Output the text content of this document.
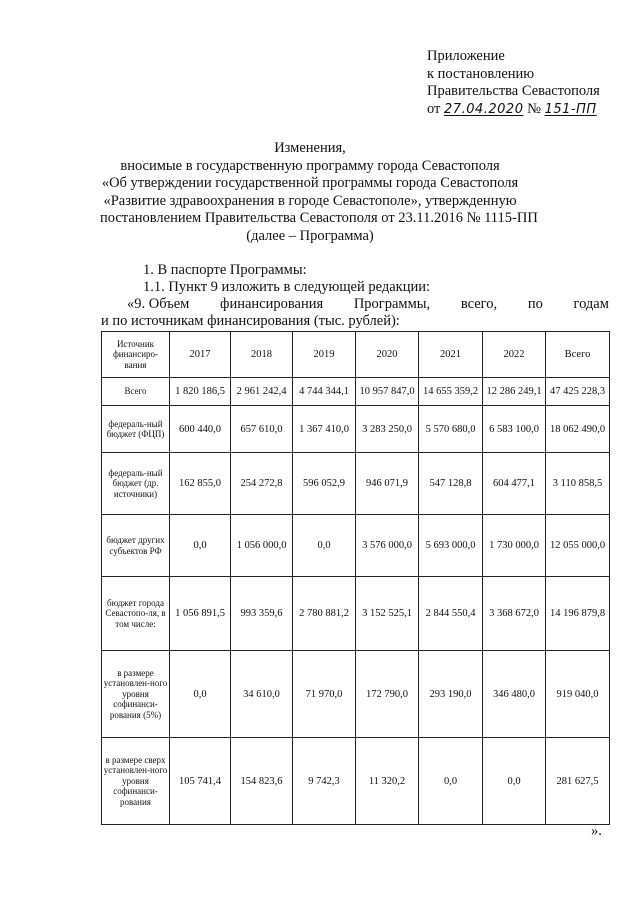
Приложение
к постановлению
Правительства Севастополя
от 27.04.2020 № 151-ПП
Изменения,
вносимые в государственную программу города Севастополя
«Об утверждении государственной программы города Севастополя
«Развитие здравоохранения в городе Севастополе», утвержденную
постановлением Правительства Севастополя от 23.11.2016 № 1115-ПП
(далее – Программа)
1. В паспорте Программы:
1.1. Пункт 9 изложить в следующей редакции:
«9. Объем финансирования Программы, всего, по годам
и по источникам финансирования (тыс. рублей):
Источник финансиро-вания	2017	2018	2019	2020	2021	2022	Всего
Всего	1 820 186,5	2 961 242,4	4 744 344,1	10 957 847,0	14 655 359,2	12 286 249,1	47 425 228,3
федераль-ный бюджет (ФЦП)	600 440,0	657 610,0	1 367 410,0	3 283 250,0	5 570 680,0	6 583 100,0	18 062 490,0
федераль-ный бюджет (др. источники)	162 855,0	254 272,8	596 052,9	946 071,9	547 128,8	604 477,1	3 110 858,5
бюджет других субъектов РФ	0,0	1 056 000,0	0,0	3 576 000,0	5 693 000,0	1 730 000,0	12 055 000,0
бюджет города Севастопо-ля, в том числе:	1 056 891,5	993 359,6	2 780 881,2	3 152 525,1	2 844 550,4	3 368 672,0	14 196 879,8
в размере установлен-ного уровня софинанси-рования (5%)	0,0	34 610,0	71 970,0	172 790,0	293 190,0	346 480,0	919 040,0
в размере сверх установлен-ного уровня софинанси-рования	105 741,4	154 823,6	9 742,3	11 320,2	0,0	0,0	281 627,5
».
